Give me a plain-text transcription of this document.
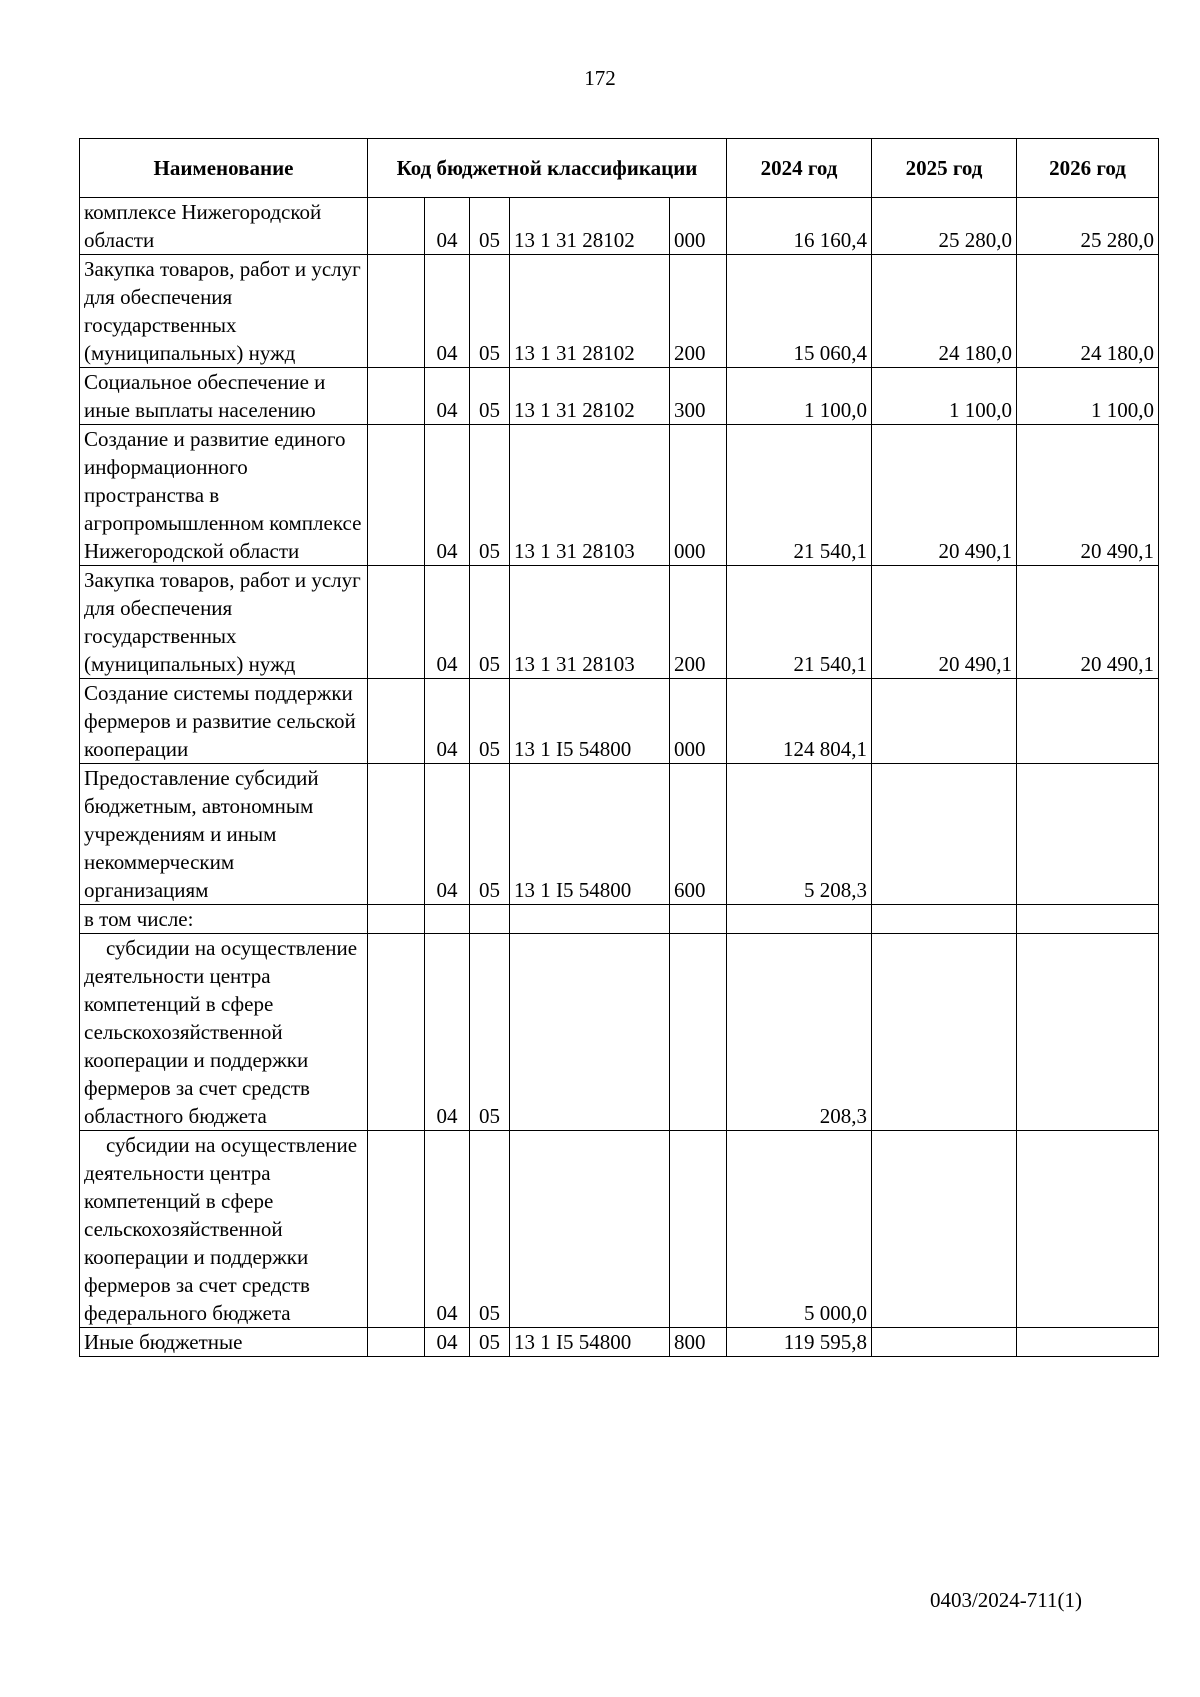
172
Наименование	Код бюджетной классификации					2024 год	2025 год	2026 год
комплексе Нижегородской области		04	05	13 1 31 28102	000	16 160,4	25 280,0	25 280,0
Закупка товаров, работ и услуг для обеспечения государственных (муниципальных) нужд		04	05	13 1 31 28102	200	15 060,4	24 180,0	24 180,0
Социальное обеспечение и иные выплаты населению		04	05	13 1 31 28102	300	1 100,0	1 100,0	1 100,0
Создание и развитие единого информационного пространства в агропромышленном комплексе Нижегородской области		04	05	13 1 31 28103	000	21 540,1	20 490,1	20 490,1
Закупка товаров, работ и услуг для обеспечения государственных (муниципальных) нужд		04	05	13 1 31 28103	200	21 540,1	20 490,1	20 490,1
Создание системы поддержки фермеров и развитие сельской кооперации		04	05	13 1 I5 54800	000	124 804,1		
Предоставление субсидий бюджетным, автономным учреждениям и иным некоммерческим организациям		04	05	13 1 I5 54800	600	5 208,3		
в том числе:								
субсидии на осуществление деятельности центра компетенций в сфере сельскохозяйственной кооперации и поддержки фермеров за счет средств областного бюджета		04	05			208,3		
субсидии на осуществление деятельности центра компетенций в сфере сельскохозяйственной кооперации и поддержки фермеров за счет средств федерального бюджета		04	05			5 000,0		
Иные бюджетные		04	05	13 1 I5 54800	800	119 595,8		
0403/2024-711(1)
